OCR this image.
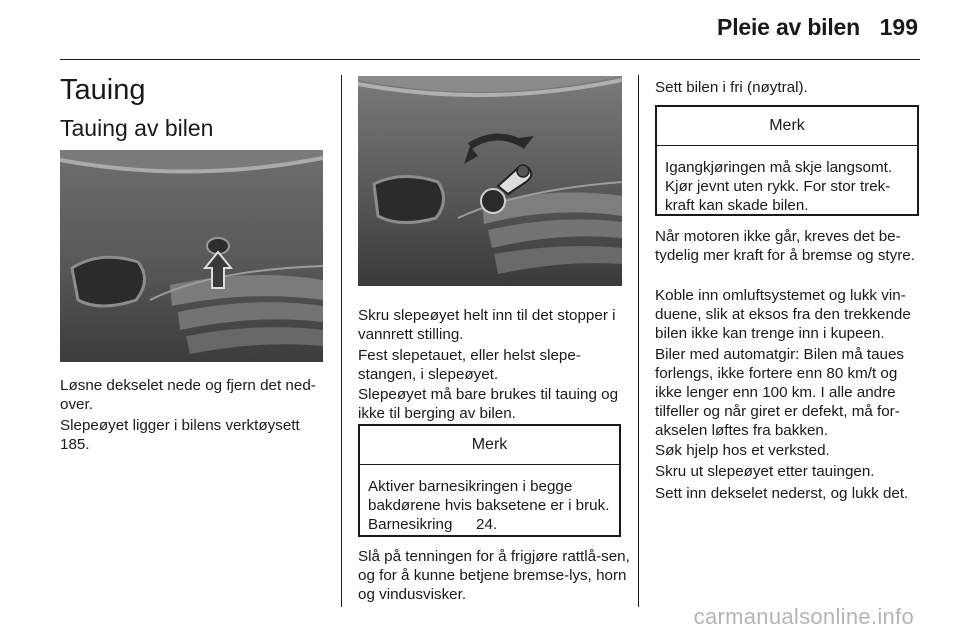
Pleie av bilen 199
Tauing
Tauing av bilen

Løsne dekselet nede og fjern det ned-over.

Slepeøyet ligger i bilens verktøysett  185.

Skru slepeøyet helt inn til det stopper i vannrett stilling.

Fest slepetauet, eller helst slepe-stangen, i slepeøyet.

Slepeøyet må bare brukes til tauing og ikke til berging av bilen.

Merk

Aktiver barnesikringen i begge bakdørene hvis baksetene er i bruk. Barnesikring   24.

Slå på tenningen for å frigjøre rattlå-sen, og for å kunne betjene bremse-lys, horn og vindusvisker.

Sett bilen i fri (nøytral).

Merk

Igangkjøringen må skje langsomt. Kjør jevnt uten rykk. For stor trek-kraft kan skade bilen.

Når motoren ikke går, kreves det be-tydelig mer kraft for å bremse og styre.

Koble inn omluftsystemet og lukk vin-duene, slik at eksos fra den trekkende bilen ikke kan trenge inn i kupeen.

Biler med automatgir: Bilen må taues forlengs, ikke fortere enn 80 km/t og ikke lenger enn 100 km. I alle andre tilfeller og når giret er defekt, må for-akselen løftes fra bakken.

Søk hjelp hos et verksted.

Skru ut slepeøyet etter tauingen.

Sett inn dekselet nederst, og lukk det.

carmanualsonline.info
